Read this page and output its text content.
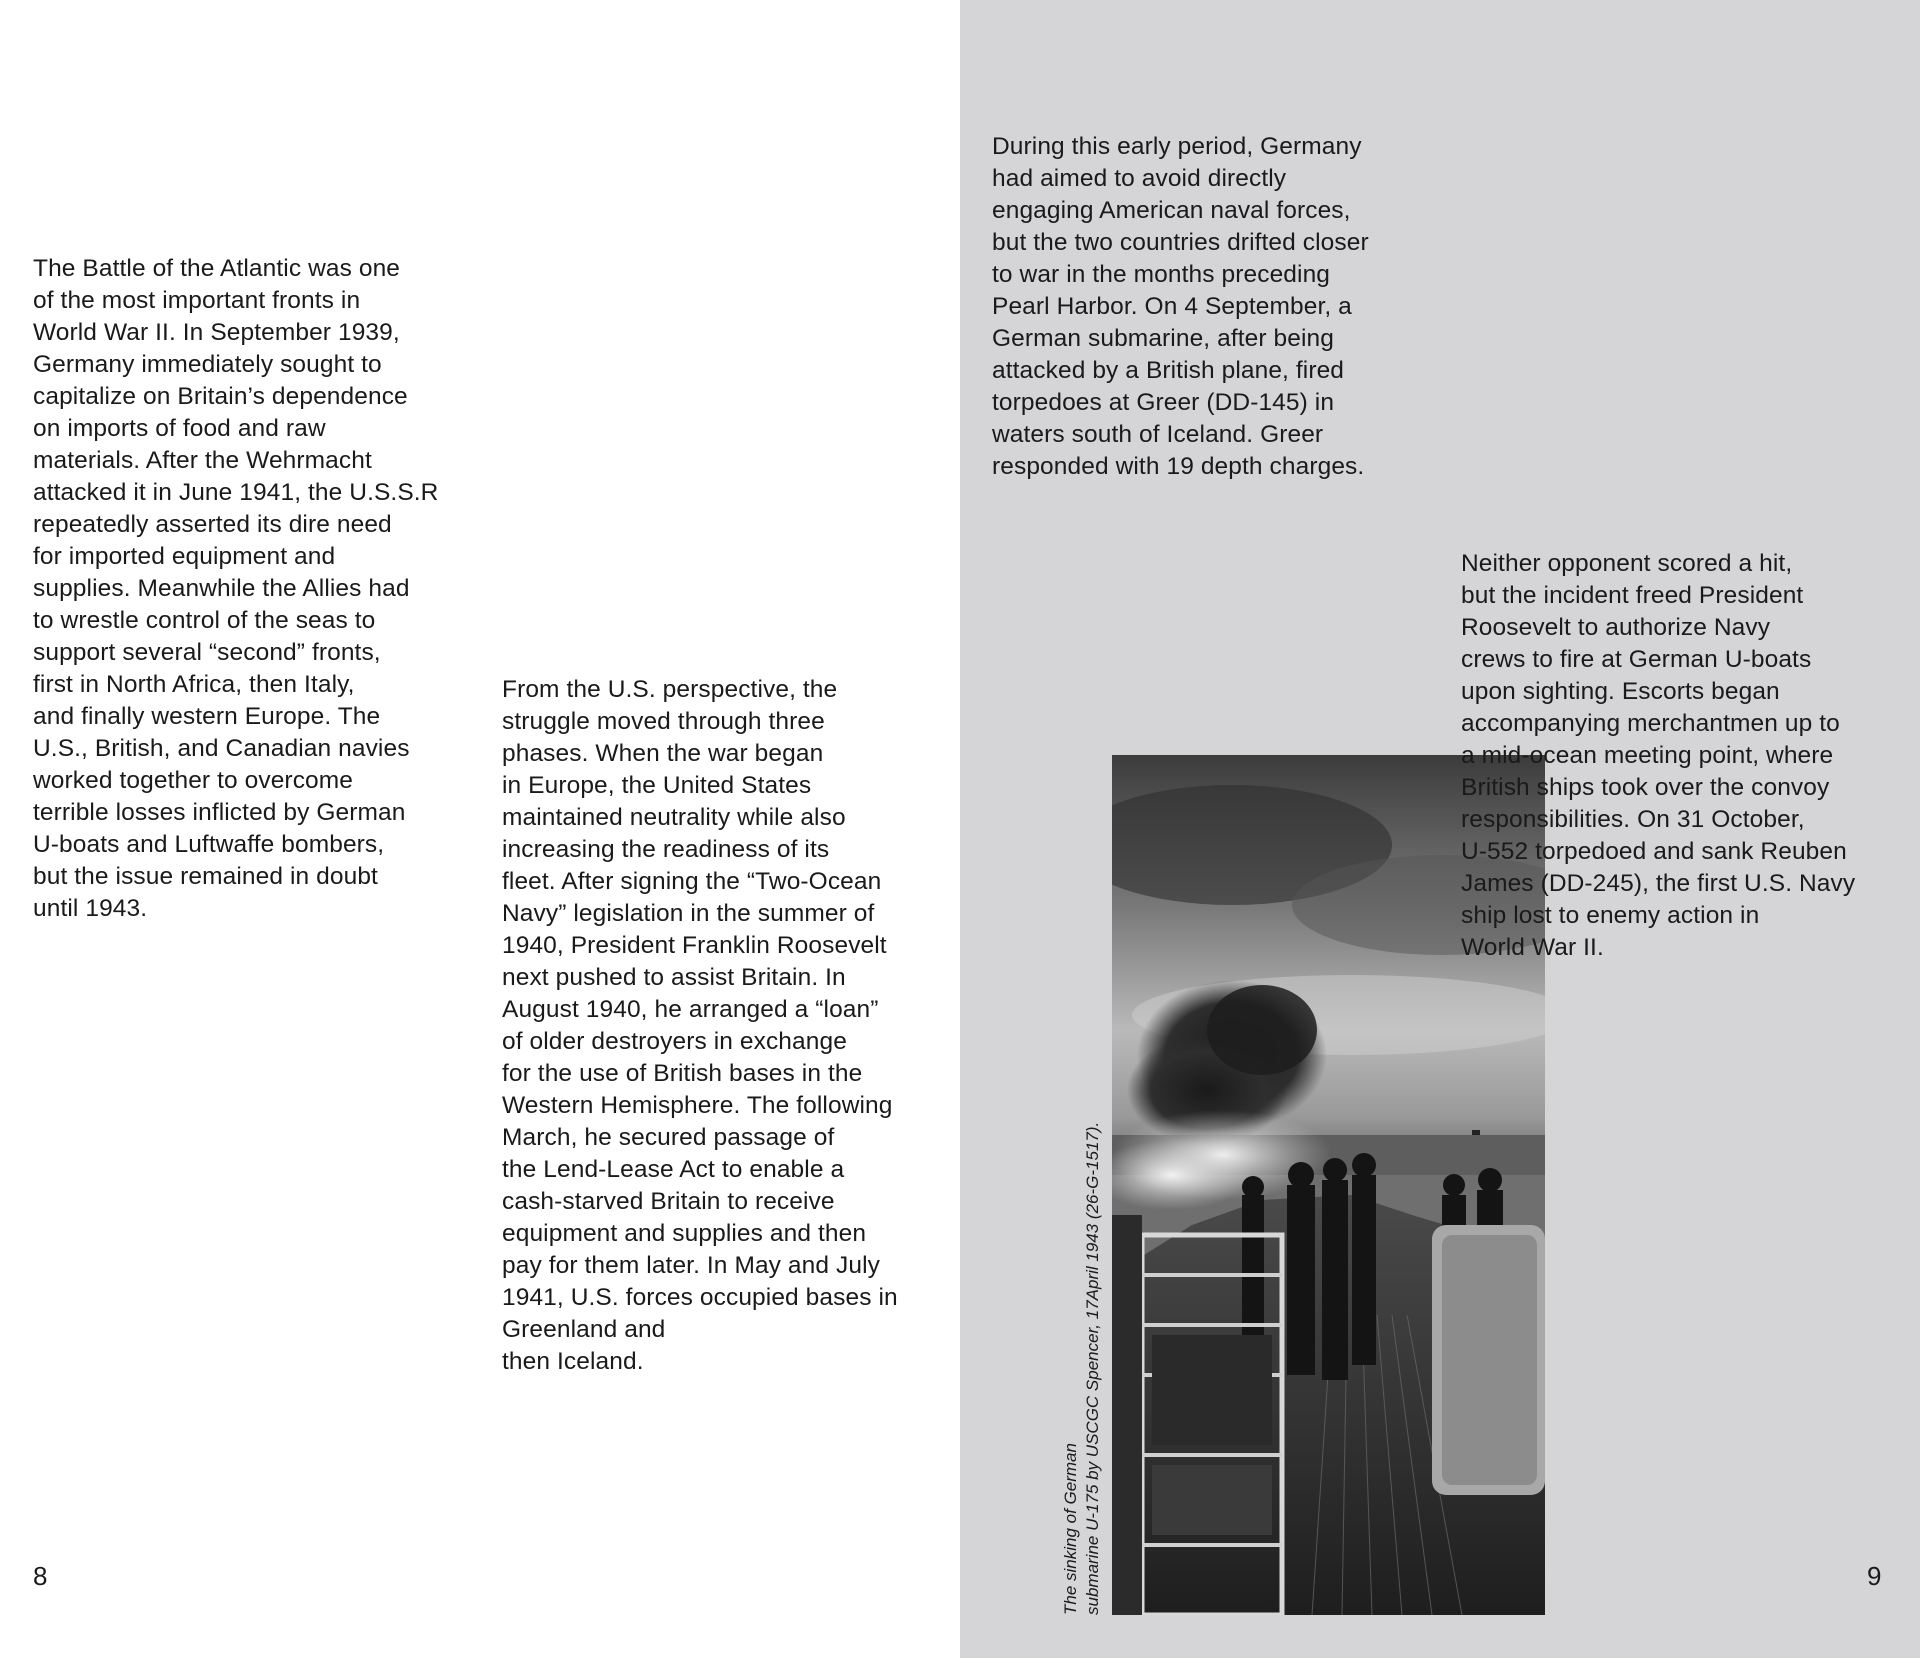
The Battle of the Atlantic was one
of the most important fronts in
World War II. In September 1939,
Germany immediately sought to
capitalize on Britain’s dependence
on imports of food and raw
materials. After the Wehrmacht
attacked it in June 1941, the U.S.S.R
repeatedly asserted its dire need
for imported equipment and
supplies. Meanwhile the Allies had
to wrestle control of the seas to
support several “second” fronts,
first in North Africa, then Italy,
and finally western Europe. The
U.S., British, and Canadian navies
worked together to overcome
terrible losses inflicted by German
U-boats and Luftwaffe bombers,
but the issue remained in doubt
until 1943.

From the U.S. perspective, the
struggle moved through three
phases. When the war began
in Europe, the United States
maintained neutrality while also
increasing the readiness of its
fleet. After signing the “Two-Ocean
Navy” legislation in the summer of
1940, President Franklin Roosevelt
next pushed to assist Britain. In
August 1940, he arranged a “loan”
of older destroyers in exchange
for the use of British bases in the
Western Hemisphere. The following
March, he secured passage of
the Lend-Lease Act to enable a
cash-starved Britain to receive
equipment and supplies and then
pay for them later. In May and July
1941, U.S. forces occupied bases in
Greenland and
then Iceland.

8

During this early period, Germany
had aimed to avoid directly
engaging American naval forces,
but the two countries drifted closer
to war in the months preceding
Pearl Harbor. On 4 September, a
German submarine, after being
attacked by a British plane, fired
torpedoes at Greer (DD-145) in
waters south of Iceland. Greer
responded with 19 depth charges.

The sinking of German
submarine U-175 by USCGC Spencer, 17April 1943 (26-G-1517).

Neither opponent scored a hit,
but the incident freed President
Roosevelt to authorize Navy
crews to fire at German U-boats
upon sighting. Escorts began
accompanying merchantmen up to
a mid-ocean meeting point, where
British ships took over the convoy
responsibilities. On 31 October,
U-552 torpedoed and sank Reuben
James (DD-245), the first U.S. Navy
ship lost to enemy action in
World War II.

9
